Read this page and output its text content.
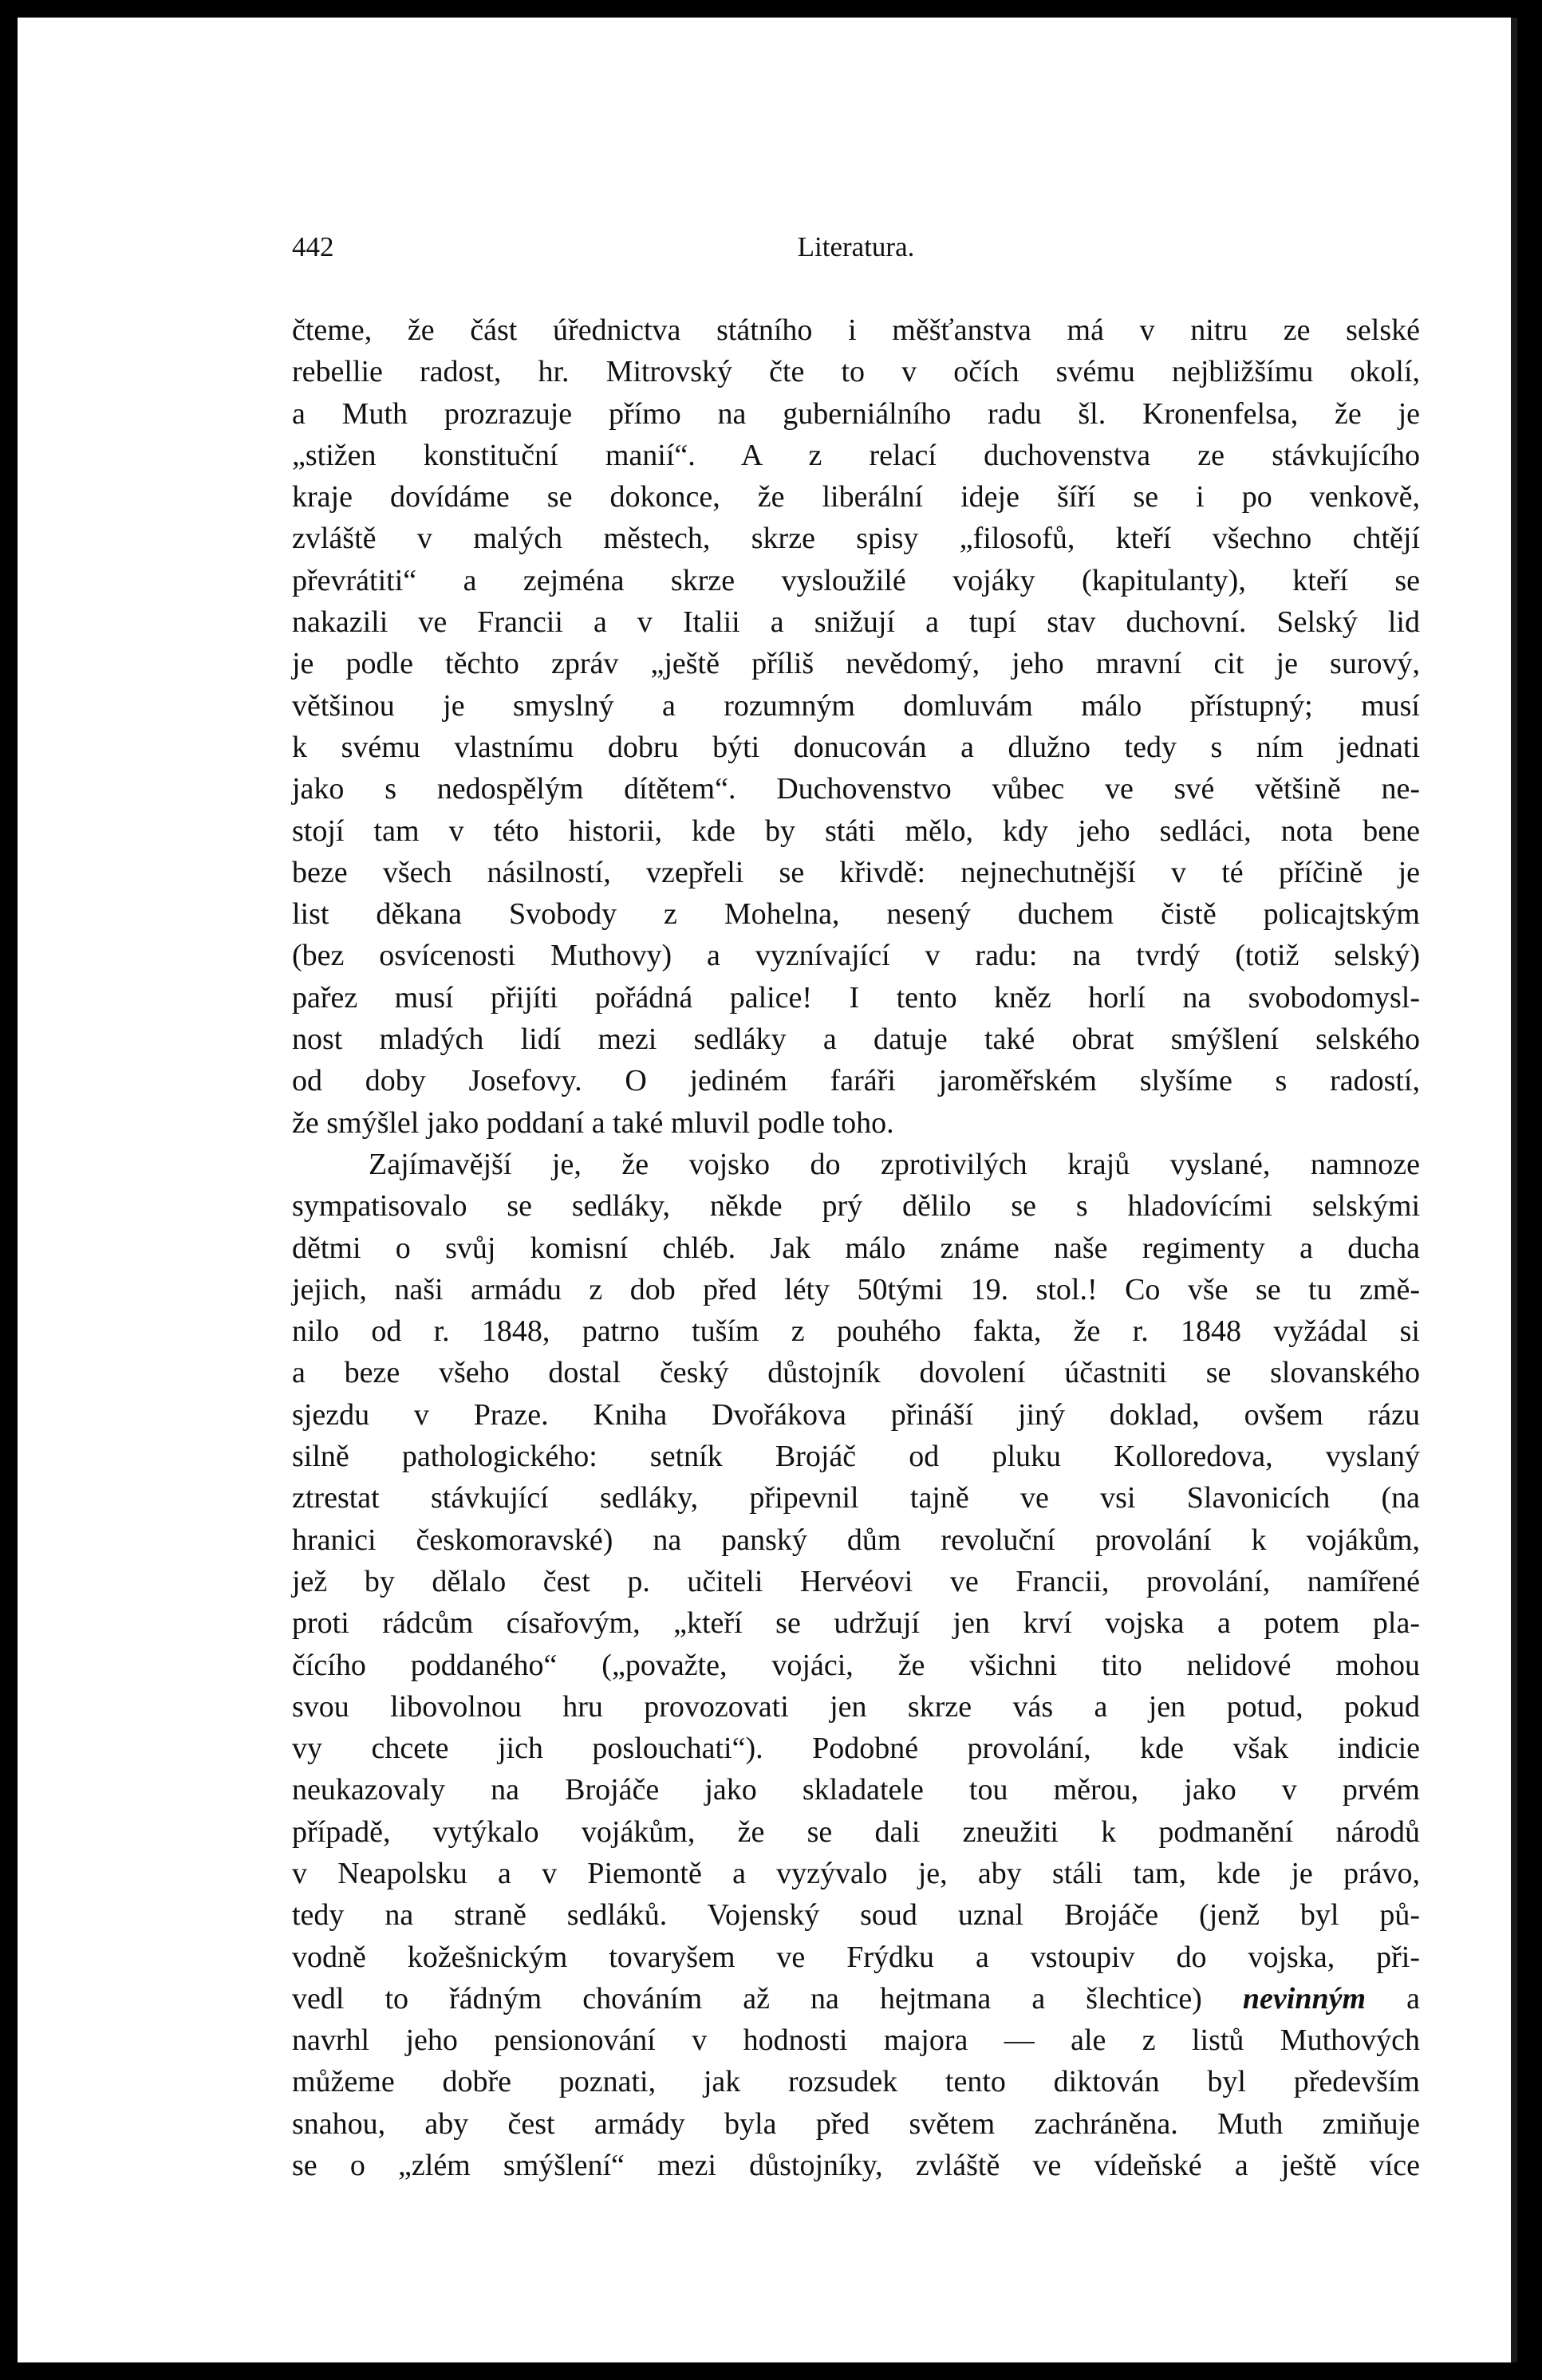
442	Literatura.
čteme, že část úřednictva státního i měšťanstva má v nitru ze selské
rebellie radost, hr. Mitrovský čte to v očích svému nejbližšímu okolí,
a Muth prozrazuje přímo na guberniálního radu šl. Kronenfelsa, že je
„stižen konstituční manií“. A z relací duchovenstva ze stávkujícího
kraje dovídáme se dokonce, že liberální ideje šíří se i po venkově,
zvláště v malých městech, skrze spisy „filosofů, kteří všechno chtějí
převrátiti“ a zejména skrze vysloužilé vojáky (kapitulanty), kteří se
nakazili ve Francii a v Italii a snižují a tupí stav duchovní. Selský lid
je podle těchto zpráv „ještě příliš nevědomý, jeho mravní cit je surový,
většinou je smyslný a rozumným domluvám málo přístupný; musí
k svému vlastnímu dobru býti donucován a dlužno tedy s ním jednati
jako s nedospělým dítětem“. Duchovenstvo vůbec ve své většině ne-
stojí tam v této historii, kde by státi mělo, kdy jeho sedláci, nota bene
beze všech násilností, vzepřeli se křivdě: nejnechutnější v té příčině je
list děkana Svobody z Mohelna, nesený duchem čistě policajtským
(bez osvícenosti Muthovy) a vyznívající v radu: na tvrdý (totiž selský)
pařez musí přijíti pořádná palice! I tento kněz horlí na svobodomysl-
nost mladých lidí mezi sedláky a datuje také obrat smýšlení selského
od doby Josefovy. O jediném faráři jaroměřském slyšíme s radostí,
že smýšlel jako poddaní a také mluvil podle toho.
Zajímavější je, že vojsko do zprotivilých krajů vyslané, namnoze
sympatisovalo se sedláky, někde prý dělilo se s hladovícími selskými
dětmi o svůj komisní chléb. Jak málo známe naše regimenty a ducha
jejich, naši armádu z dob před léty 50tými 19. stol.! Co vše se tu změ-
nilo od r. 1848, patrno tuším z pouhého fakta, že r. 1848 vyžádal si
a beze všeho dostal český důstojník dovolení účastniti se slovanského
sjezdu v Praze. Kniha Dvořákova přináší jiný doklad, ovšem rázu
silně pathologického: setník Brojáč od pluku Kolloredova, vyslaný
ztrestat stávkující sedláky, připevnil tajně ve vsi Slavonicích (na
hranici českomoravské) na panský dům revoluční provolání k vojákům,
jež by dělalo čest p. učiteli Hervéovi ve Francii, provolání, namířené
proti rádcům císařovým, „kteří se udržují jen krví vojska a potem pla-
čícího poddaného“ („považte, vojáci, že všichni tito nelidové mohou
svou libovolnou hru provozovati jen skrze vás a jen potud, pokud
vy chcete jich poslouchati“). Podobné provolání, kde však indicie
neukazovaly na Brojáče jako skladatele tou měrou, jako v prvém
případě, vytýkalo vojákům, že se dali zneužiti k podmanění národů
v Neapolsku a v Piemontě a vyzývalo je, aby stáli tam, kde je právo,
tedy na straně sedláků. Vojenský soud uznal Brojáče (jenž byl pů-
vodně kožešnickým tovaryšem ve Frýdku a vstoupiv do vojska, při-
vedl to řádným chováním až na hejtmana a šlechtice) nevinným a
navrhl jeho pensionování v hodnosti majora — ale z listů Muthových
můžeme dobře poznati, jak rozsudek tento diktován byl především
snahou, aby čest armády byla před světem zachráněna. Muth zmiňuje
se o „zlém smýšlení“ mezi důstojníky, zvláště ve vídeňské a ještě více
